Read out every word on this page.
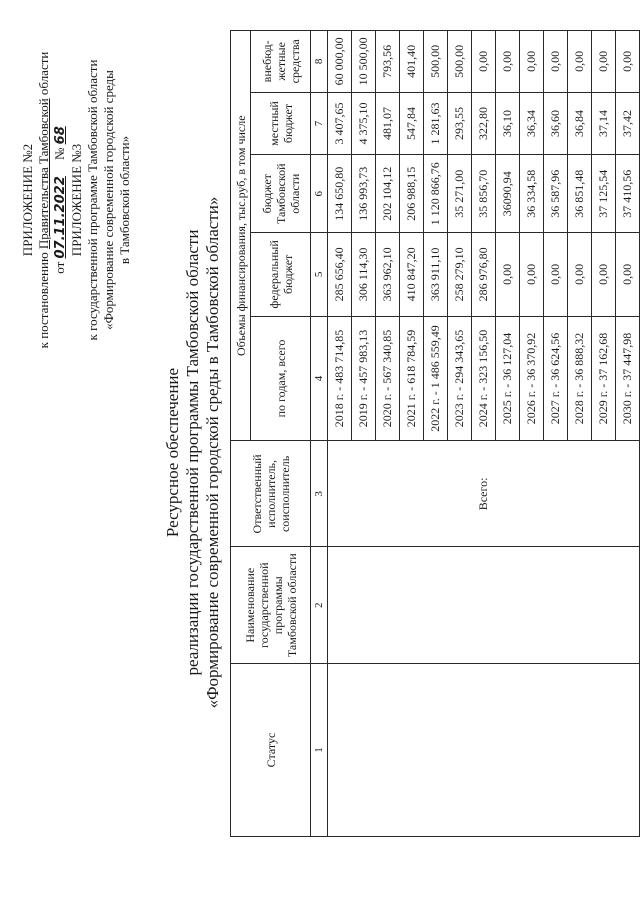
ПРИЛОЖЕНИЕ №2
к постановлению Правительства Тамбовской области
от 07.11.2022     № 68
ПРИЛОЖЕНИЕ №3 к государственной программе Тамбовской области «Формирование современной городской среды в Тамбовской области»
Ресурсное обеспечение реализации государственной программы Тамбовской области «Формирование современной городской среды в Тамбовской области»
Статус	Наименование государственной программы Тамбовской области	Ответственный исполнитель, соисполнитель	Объемы финансирования, тыс.руб, в том числе				
			по годам, всего	федеральный бюджет	бюджет Тамбовской области	местный бюджет	внебюд-жетные средства
1	2	3	4	5	6	7	8
		Всего:	2018 г. - 483 714,85	285 656,40	134 650,80	3 407,65	60 000,00
			2019 г. - 457 983,13	306 114,30	136 993,73	4 375,10	10 500,00
			2020 г. - 567 340,85	363 962,10	202 104,12	481,07	793,56
			2021 г. - 618 784,59	410 847,20	206 988,15	547,84	401,40
			2022 г. - 1 486 559,49	363 911,10	1 120 866,76	1 281,63	500,00
			2023 г. - 294 343,65	258 279,10	35 271,00	293,55	500,00
			2024 г. - 323 156,50	286 976,80	35 856,70	322,80	0,00
			2025 г. - 36 127,04	0,00	36090,94	36,10	0,00
			2026 г. - 36 370,92	0,00	36 334,58	36,34	0,00
			2027 г. - 36 624,56	0,00	36 587,96	36,60	0,00
			2028 г. - 36 888,32	0,00	36 851,48	36,84	0,00
			2029 г. - 37 162,68	0,00	37 125,54	37,14	0,00
			2030 г. - 37 447,98	0,00	37 410,56	37,42	0,00
